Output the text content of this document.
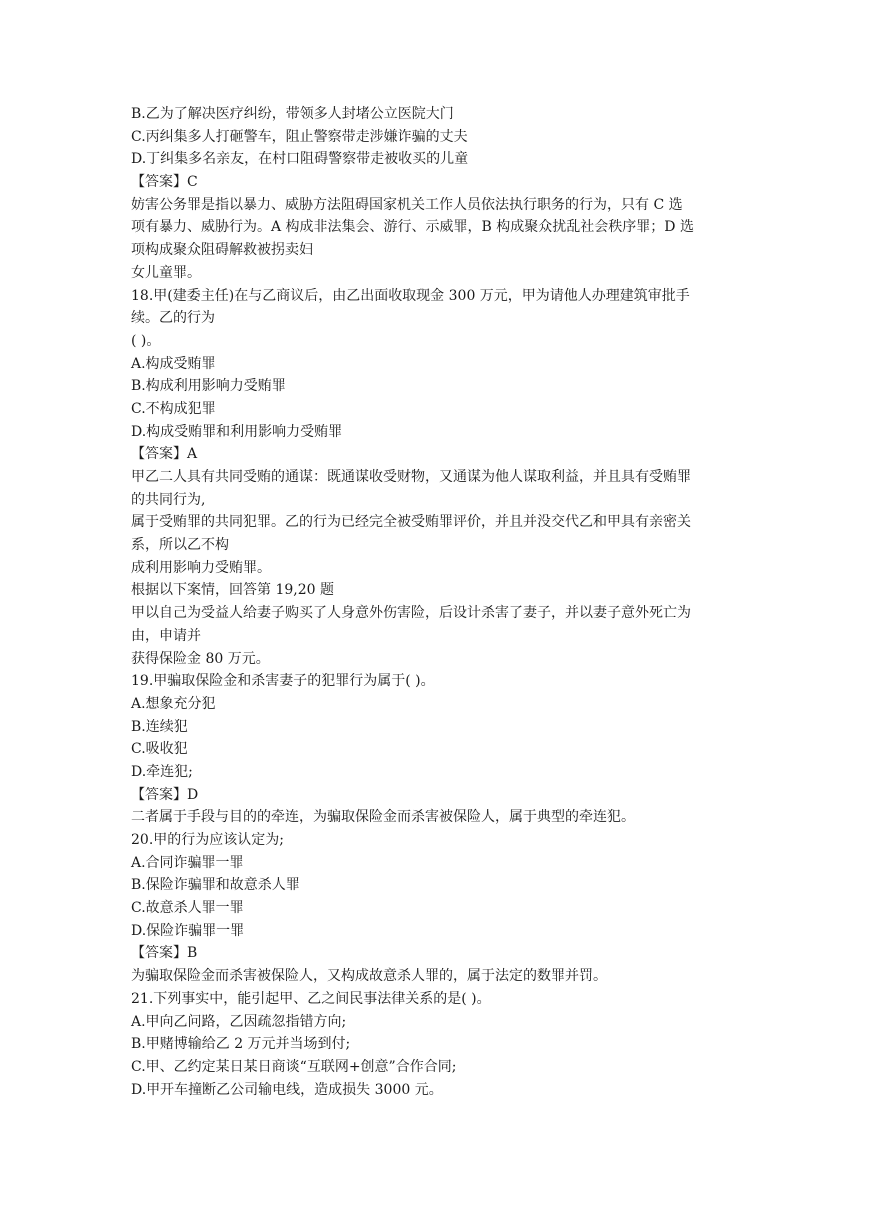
B.乙为了解决医疗纠纷，带领多人封堵公立医院大门
C.丙纠集多人打砸警车，阻止警察带走涉嫌诈骗的丈夫
D.丁纠集多名亲友，在村口阻碍警察带走被收买的儿童
【答案】C
妨害公务罪是指以暴力、威胁方法阻碍国家机关工作人员依法执行职务的行为，只有 C 选
项有暴力、威胁行为。A 构成非法集会、游行、示威罪，B 构成聚众扰乱社会秩序罪；D 选
项构成聚众阻碍解救被拐卖妇
女儿童罪。
18.甲(建委主任)在与乙商议后，由乙出面收取现金 300 万元，甲为请他人办理建筑审批手
续。乙的行为
( )。
A.构成受贿罪
B.构成利用影响力受贿罪
C.不构成犯罪
D.构成受贿罪和利用影响力受贿罪
【答案】A
甲乙二人具有共同受贿的通谋：既通谋收受财物，又通谋为他人谋取利益，并且具有受贿罪
的共同行为,
属于受贿罪的共同犯罪。乙的行为已经完全被受贿罪评价，并且并没交代乙和甲具有亲密关
系，所以乙不构
成利用影响力受贿罪。
根据以下案情，回答第 19,20 题
甲以自己为受益人给妻子购买了人身意外伤害险，后设计杀害了妻子，并以妻子意外死亡为
由，申请并
获得保险金 80 万元。
19.甲骗取保险金和杀害妻子的犯罪行为属于( )。
A.想象充分犯
B.连续犯
C.吸收犯
D.牵连犯;
【答案】D
二者属于手段与目的的牵连，为骗取保险金而杀害被保险人，属于典型的牵连犯。
20.甲的行为应该认定为;
A.合同诈骗罪一罪
B.保险诈骗罪和故意杀人罪
C.故意杀人罪一罪
D.保险诈骗罪一罪
【答案】B
为骗取保险金而杀害被保险人，又构成故意杀人罪的，属于法定的数罪并罚。
21.下列事实中，能引起甲、乙之间民事法律关系的是( )。
A.甲向乙问路，乙因疏忽指错方向;
B.甲赌博输给乙 2 万元并当场到付;
C.甲、乙约定某日某日商谈“互联网+创意”合作合同;
D.甲开车撞断乙公司输电线，造成损失 3000 元。
